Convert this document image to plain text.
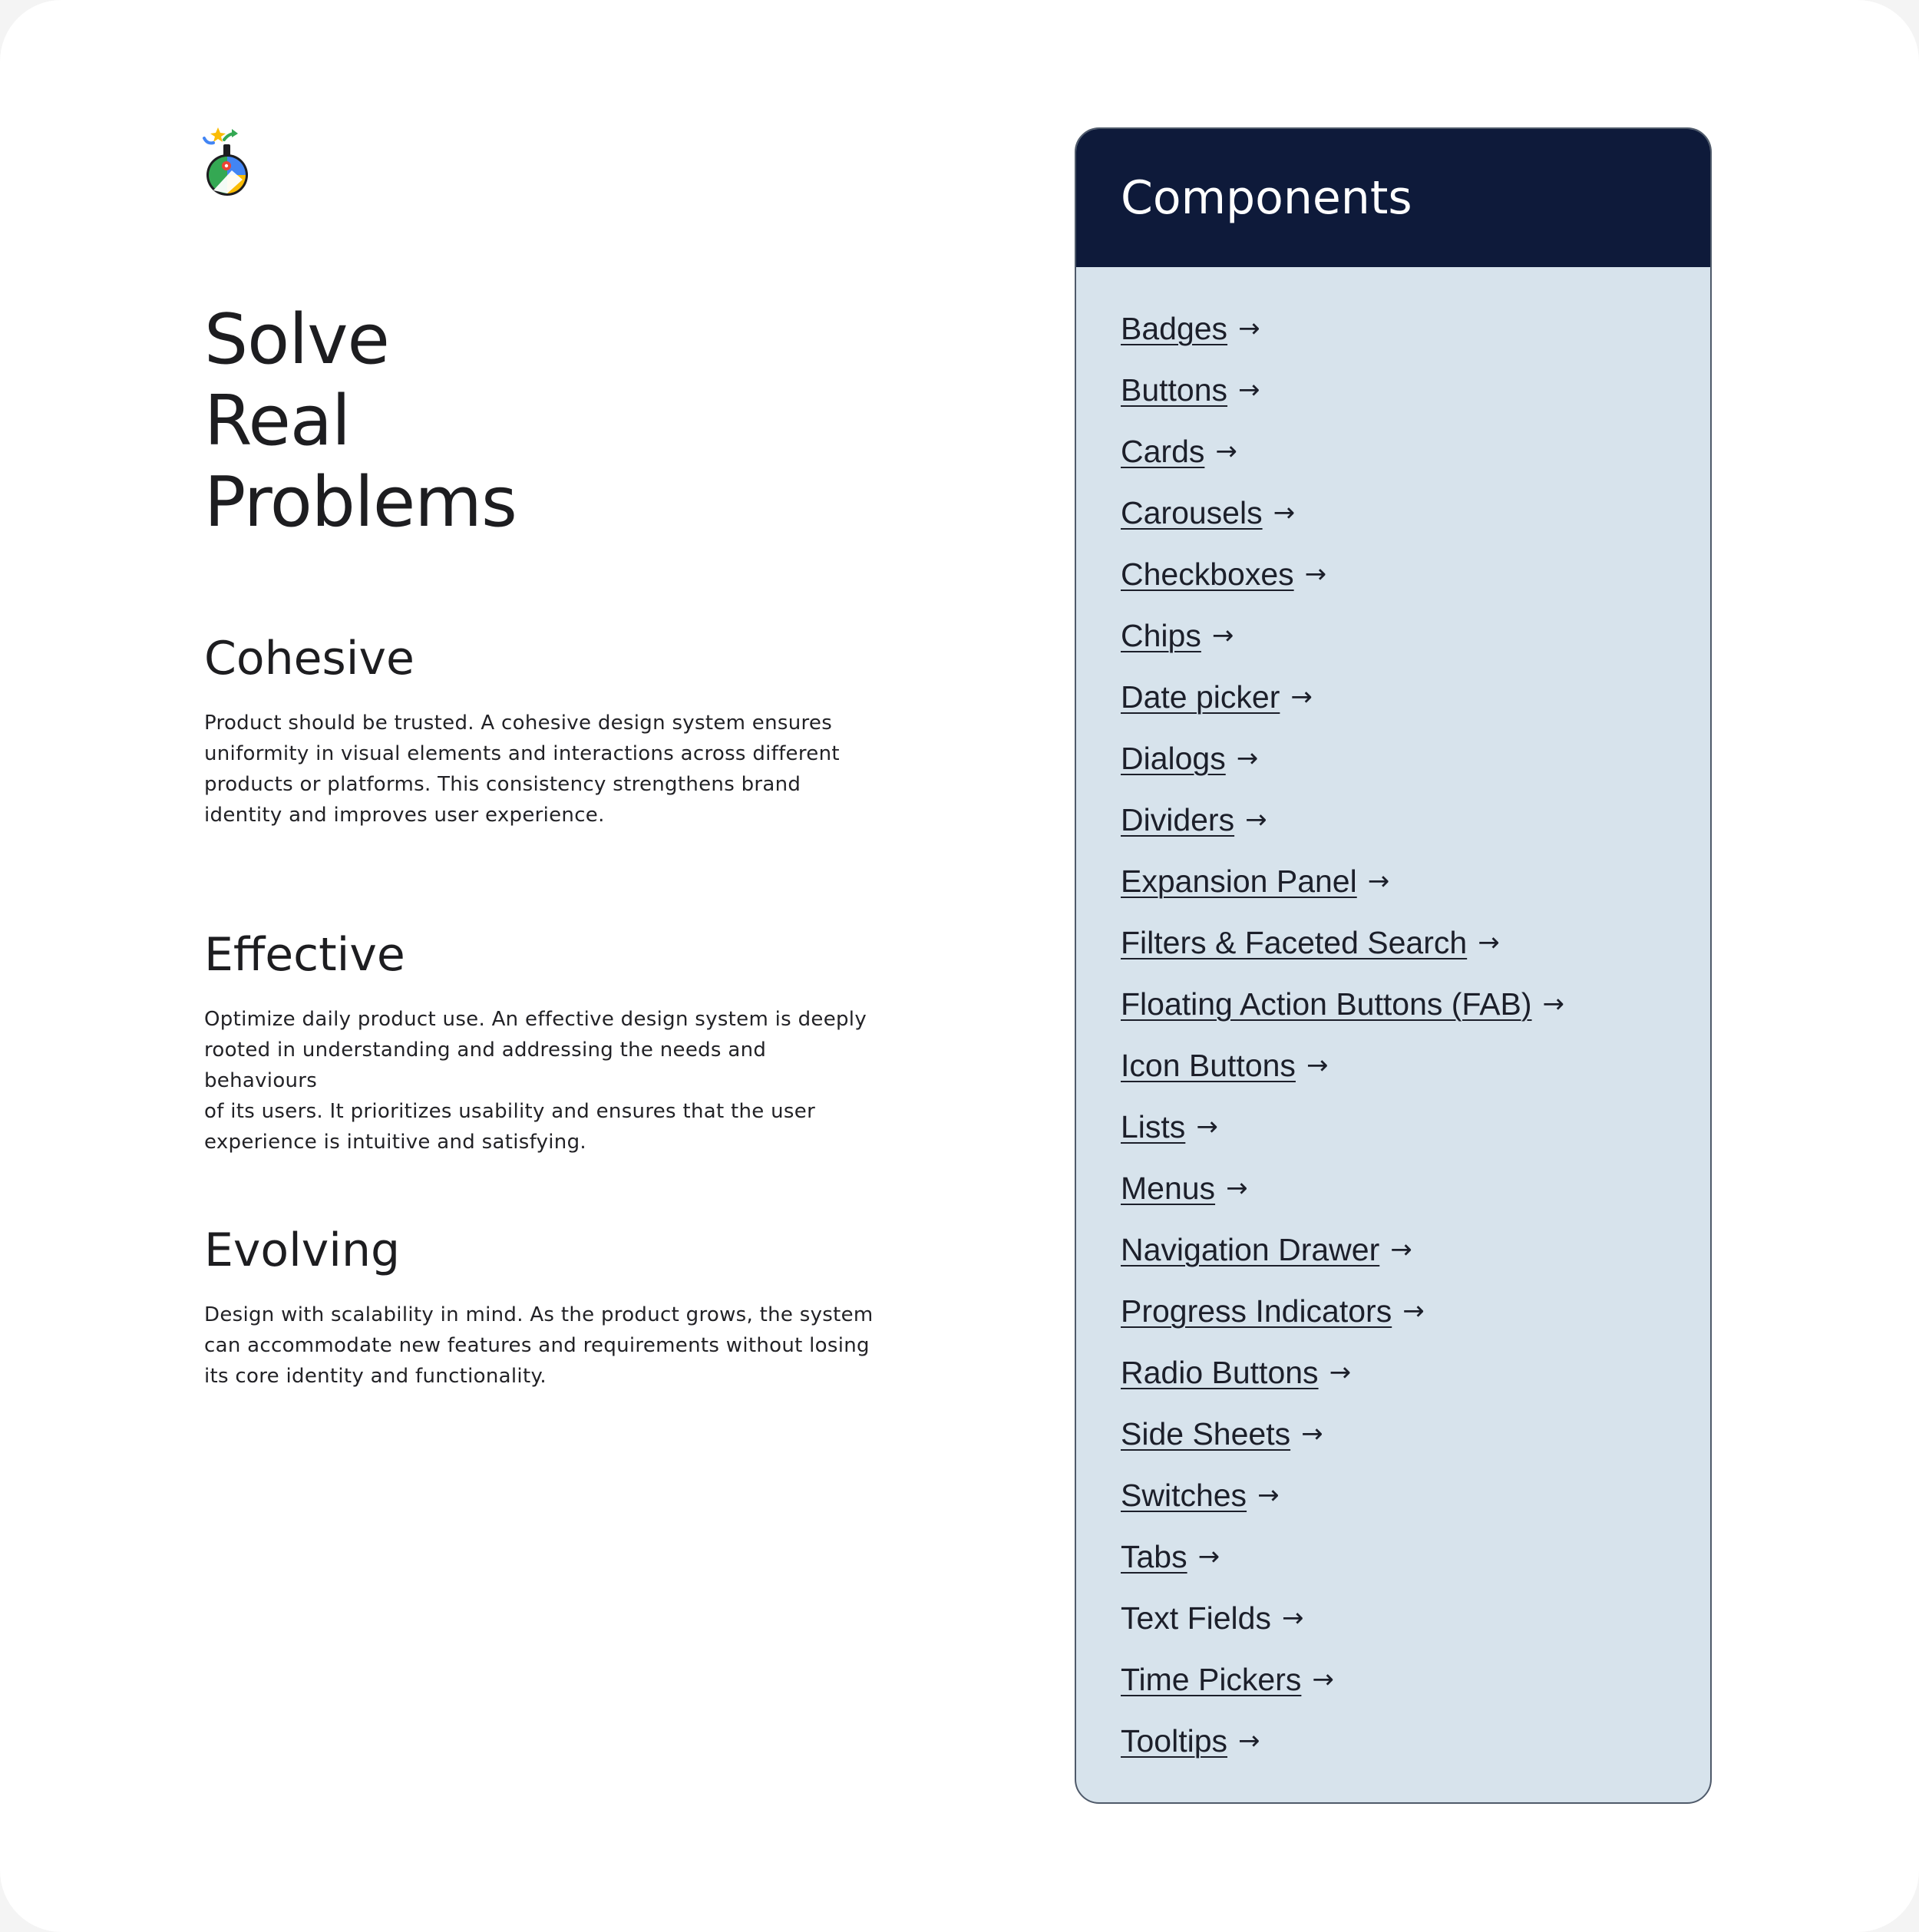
Solve
Real
Problems
Cohesive

Product should be trusted. A cohesive design system ensures
uniformity in visual elements and interactions across different
products or platforms. This consistency strengthens brand
identity and improves user experience.

Effective

Optimize daily product use. An effective design system is deeply
rooted in understanding and addressing the needs and behaviours
of its users. It prioritizes usability and ensures that the user
experience is intuitive and satisfying.

Evolving

Design with scalability in mind. As the product grows, the system
can accommodate new features and requirements without losing
its core identity and functionality.

Components
Badges →
Buttons →
Cards →
Carousels →
Checkboxes →
Chips →
Date picker →
Dialogs →
Dividers →
Expansion Panel →
Filters & Faceted Search →
Floating Action Buttons (FAB) →
Icon Buttons →
Lists →
Menus →
Navigation Drawer →
Progress Indicators →
Radio Buttons →
Side Sheets →
Switches →
Tabs →
Text Fields →
Time Pickers →
Tooltips →
